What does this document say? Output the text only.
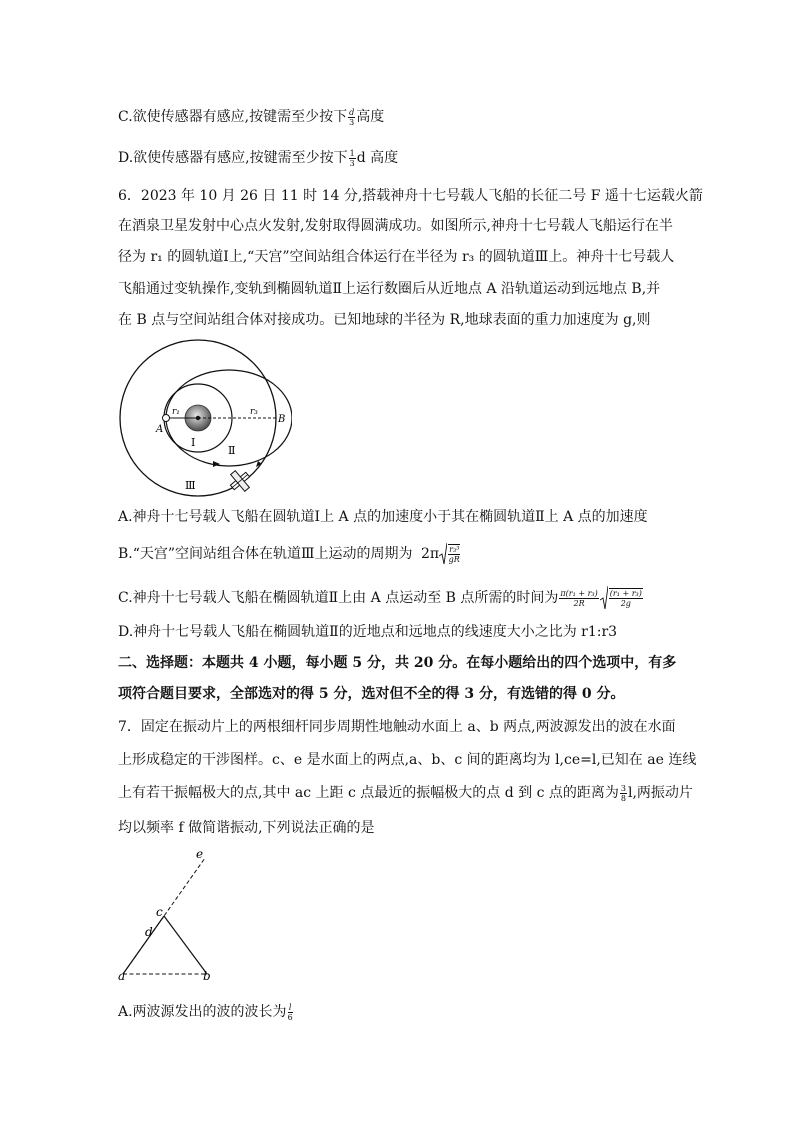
C.欲使传感器有感应,按键需至少按下 $\frac{d}{3}$ 高度
D.欲使传感器有感应,按键需至少按下 $\frac{1}{3}$ d 高度
6．2023 年 10 月 26 日 11 时 14 分,搭载神舟十七号载人飞船的长征二号 F 遥十七运载火箭
在酒泉卫星发射中心点火发射,发射取得圆满成功。如图所示,神舟十七号载人飞船运行在半
径为 r₁ 的圆轨道Ⅰ上,“天宫”空间站组合体运行在半径为 r₃ 的圆轨道Ⅲ上。神舟十七号载人
飞船通过变轨操作,变轨到椭圆轨道Ⅱ上运行数圈后从近地点 A 沿轨道运动到远地点 B,并
在 B 点与空间站组合体对接成功。已知地球的半径为 R,地球表面的重力加速度为 g,则
r₁	r₃
A
B
Ⅰ
Ⅱ
Ⅲ
A.神舟十七号载人飞船在圆轨道Ⅰ上 A 点的加速度小于其在椭圆轨道Ⅱ上 A 点的加速度
B.“天宫”空间站组合体在轨道Ⅲ上运动的周期为 $2\pi \frac{\text{r₃³}}{gR}$
C.神舟十七号载人飞船在椭圆轨道Ⅱ上由 A 点运动至 B 点所需的时间为 $\frac{\text{π(r₁ + r₃)}}{2R} \frac{\text{(r₁ + r₃)}}{2g}$
D.神舟十七号载人飞船在椭圆轨道Ⅱ的近地点和远地点的线速度大小之比为 r1:r3
二、选择题：本题共 4 小题，每小题 5 分，共 20 分。在每小题给出的四个选项中，有多
项符合题目要求，全部选对的得 5 分，选对但不全的得 3 分，有选错的得 0 分。
7．固定在振动片上的两根细杆同步周期性地触动水面上 a、b 两点,两波源发出的波在水面
上形成稳定的干涉图样。c、e 是水面上的两点,a、b、c 间的距离均为 l,ce=l,已知在 ae 连线
上有若干振幅极大的点,其中 ac 上距 c 点最近的振幅极大的点 d 到 c 点的距离为 $\frac{3}{8} l$,两振动片
均以频率 f 做简谐振动,下列说法正确的是
e
c
d
a	b
A.两波源发出的波的波长为 $\frac{l}{6}$
